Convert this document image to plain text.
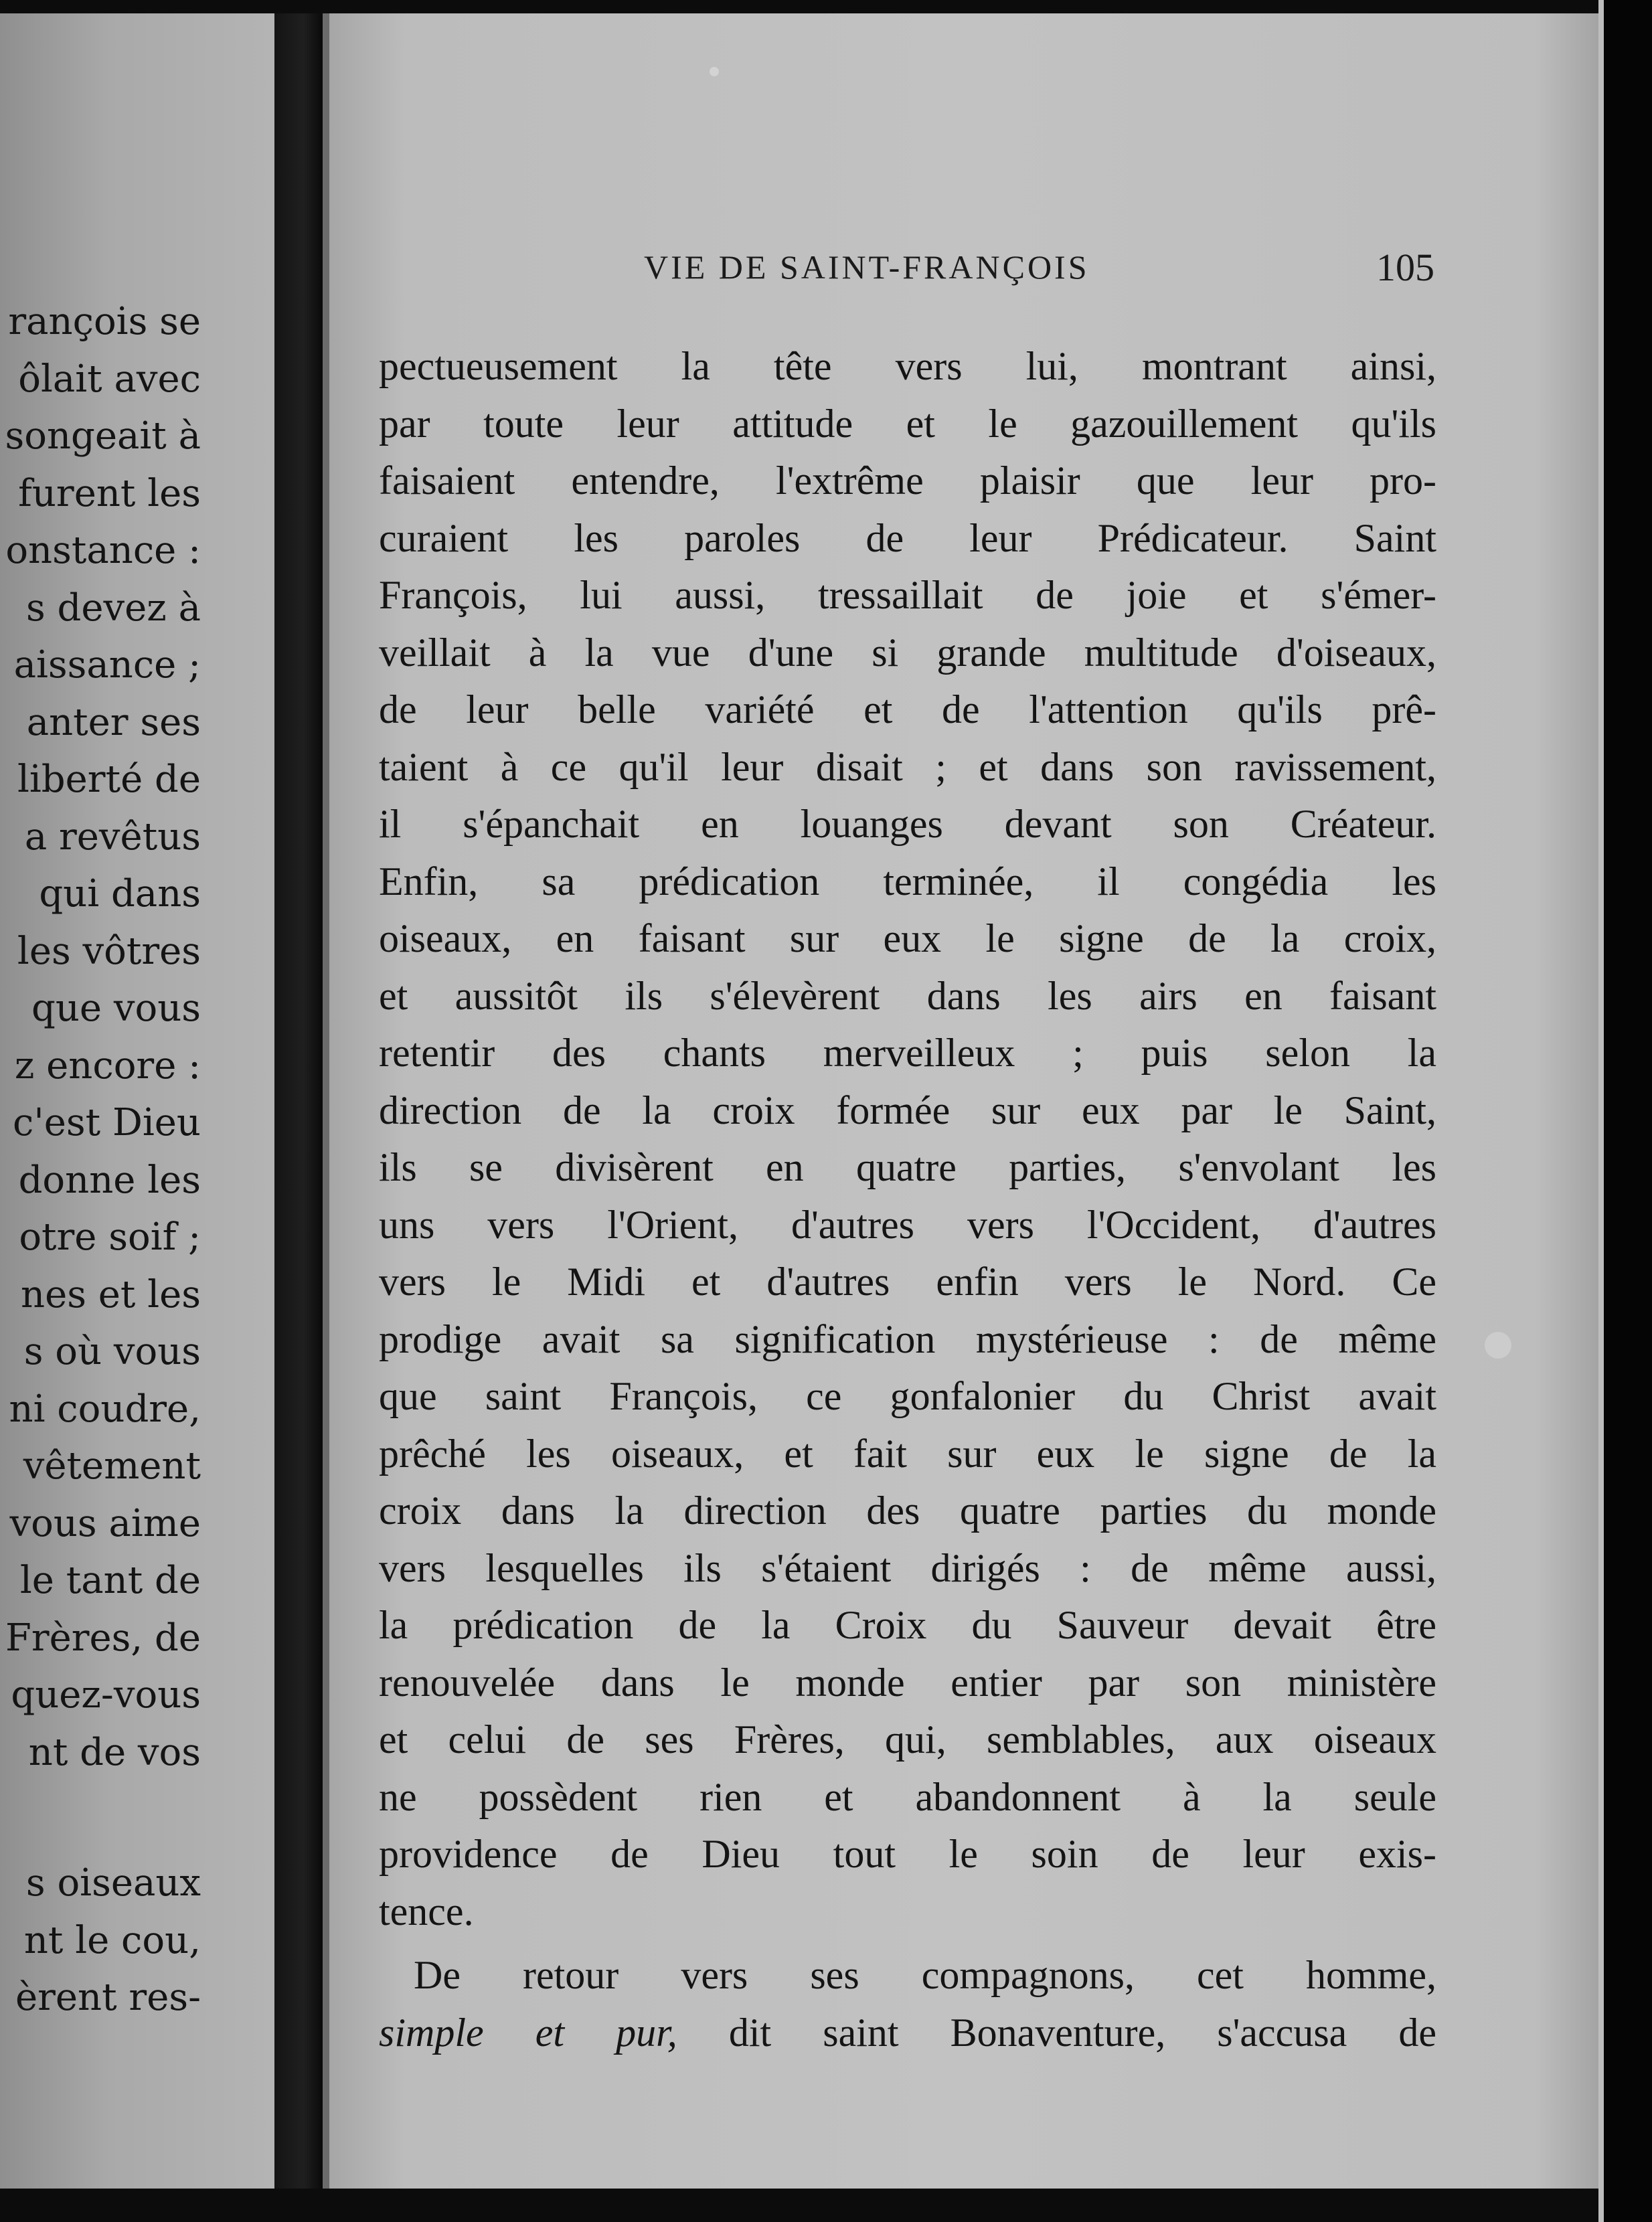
rançois se
ôlait avec
songeait à
furent les
onstance :
s devez à
aissance ;
anter ses
liberté de
a revêtus
qui dans
les vôtres
que vous
z encore :
c'est Dieu
donne les
otre soif ;
nes et les
s où vous
ni coudre,
vêtement
vous aime
le tant de
Frères, de
quez-vous
nt de vos
s oiseaux
nt le cou,
èrent res-
VIE DE SAINT-FRANÇOIS	105
pectueusement la tête vers lui, montrant ainsi,
par toute leur attitude et le gazouillement qu'ils
faisaient entendre, l'extrême plaisir que leur pro-
curaient les paroles de leur Prédicateur. Saint
François, lui aussi, tressaillait de joie et s'émer-
veillait à la vue d'une si grande multitude d'oiseaux,
de leur belle variété et de l'attention qu'ils prê-
taient à ce qu'il leur disait ; et dans son ravissement,
il s'épanchait en louanges devant son Créateur.
Enfin, sa prédication terminée, il congédia les
oiseaux, en faisant sur eux le signe de la croix,
et aussitôt ils s'élevèrent dans les airs en faisant
retentir des chants merveilleux ; puis selon la
direction de la croix formée sur eux par le Saint,
ils se divisèrent en quatre parties, s'envolant les
uns vers l'Orient, d'autres vers l'Occident, d'autres
vers le Midi et d'autres enfin vers le Nord. Ce
prodige avait sa signification mystérieuse : de même
que saint François, ce gonfalonier du Christ avait
prêché les oiseaux, et fait sur eux le signe de la
croix dans la direction des quatre parties du monde
vers lesquelles ils s'étaient dirigés : de même aussi,
la prédication de la Croix du Sauveur devait être
renouvelée dans le monde entier par son ministère
et celui de ses Frères, qui, semblables, aux oiseaux
ne possèdent rien et abandonnent à la seule
providence de Dieu tout le soin de leur exis-
tence.
De retour vers ses compagnons, cet homme,
simple et pur, dit saint Bonaventure, s'accusa de
